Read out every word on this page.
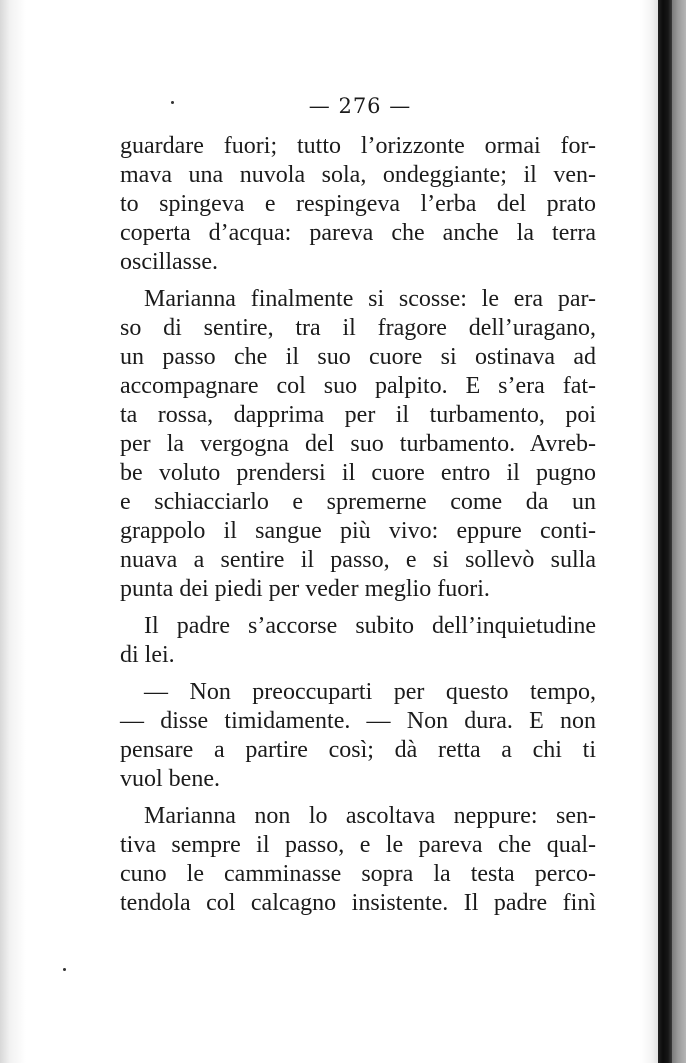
— 276 —
guardare fuori; tutto l’orizzonte ormai for-
mava una nuvola sola, ondeggiante; il ven-
to spingeva e respingeva l’erba del prato
coperta d’acqua: pareva che anche la terra
oscillasse.
Marianna finalmente si scosse: le era par-
so di sentire, tra il fragore dell’uragano,
un passo che il suo cuore si ostinava ad
accompagnare col suo palpito. E s’era fat-
ta rossa, dapprima per il turbamento, poi
per la vergogna del suo turbamento. Avreb-
be voluto prendersi il cuore entro il pugno
e schiacciarlo e spremerne come da un
grappolo il sangue più vivo: eppure conti-
nuava a sentire il passo, e si sollevò sulla
punta dei piedi per veder meglio fuori.
Il padre s’accorse subito dell’inquietudine
di lei.
— Non preoccuparti per questo tempo,
— disse timidamente. — Non dura. E non
pensare a partire così; dà retta a chi ti
vuol bene.
Marianna non lo ascoltava neppure: sen-
tiva sempre il passo, e le pareva che qual-
cuno le camminasse sopra la testa perco-
tendola col calcagno insistente. Il padre finì
